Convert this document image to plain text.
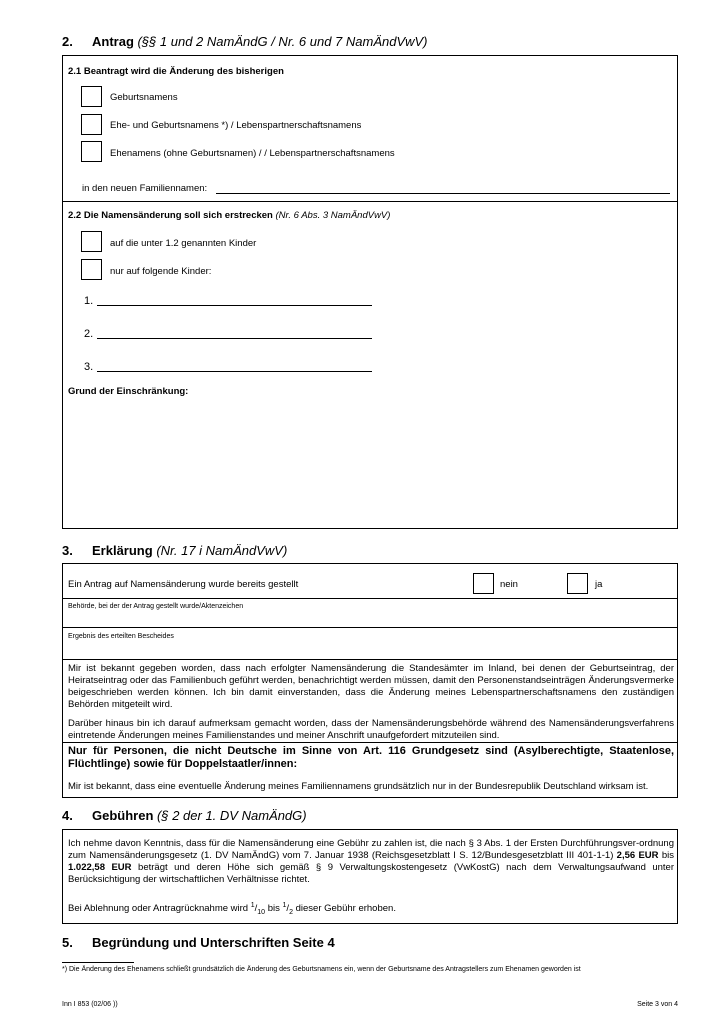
2. Antrag (§§ 1 und 2 NamÄndG / Nr. 6 und 7 NamÄndVwV)
2.1 Beantragt wird die Änderung des bisherigen
Geburtsnamens
Ehe- und Geburtsnamens *) / Lebenspartnerschaftsnamens
Ehenamens (ohne Geburtsnamen) / / Lebenspartnerschaftsnamens
in den neuen Familiennamen:
2.2 Die Namensänderung soll sich erstrecken (Nr. 6 Abs. 3 NamÄndVwV)
auf die unter 1.2 genannten Kinder
nur auf folgende Kinder:
1.
2.
3.
Grund der Einschränkung:
3. Erklärung (Nr. 17 i NamÄndVwV)
Ein Antrag auf Namensänderung wurde bereits gestellt	nein	ja
Behörde, bei der der Antrag gestellt wurde/Aktenzeichen
Ergebnis des erteilten Bescheides
Mir ist bekannt gegeben worden, dass nach erfolgter Namensänderung die Standesämter im Inland, bei denen der Geburtseintrag, der Heiratseintrag oder das Familienbuch geführt werden, benachrichtigt werden müssen, damit den Personenstandseinträgen Änderungsvermerke beigeschrieben werden können. Ich bin damit einverstanden, dass die Änderung meines Lebenspartnerschaftsnamens den zuständigen Behörden mitgeteilt wird.
Darüber hinaus bin ich darauf aufmerksam gemacht worden, dass der Namensänderungsbehörde während des Namensänderungsverfahrens eintretende Änderungen meines Familienstandes und meiner Anschrift unaufgefordert mitzuteilen sind.
Nur für Personen, die nicht Deutsche im Sinne von Art. 116 Grundgesetz sind (Asylberechtigte, Staatenlose, Flüchtlinge) sowie für Doppelstaatler/innen:
Mir ist bekannt, dass eine eventuelle Änderung meines Familiennamens grundsätzlich nur in der Bundesrepublik Deutschland wirksam ist.
4. Gebühren (§ 2 der 1. DV NamÄndG)
Ich nehme davon Kenntnis, dass für die Namensänderung eine Gebühr zu zahlen ist, die nach § 3 Abs. 1 der Ersten Durchführungsver-ordnung zum Namensänderungsgesetz (1. DV NamÄndG) vom 7. Januar 1938 (Reichsgesetzblatt I S. 12/Bundesgesetzblatt III 401-1-1) 2,56 EUR bis 1.022,58 EUR beträgt und deren Höhe sich gemäß § 9 Verwaltungskostengesetz (VwKostG) nach dem Verwaltungsaufwand unter Berücksichtigung der wirtschaftlichen Verhältnisse richtet.
Bei Ablehnung oder Antragrücknahme wird $^1/_{10}$ bis $^1/_2$ dieser Gebühr erhoben.
5. Begründung und Unterschriften Seite 4
*) Die Änderung des Ehenamens schließt grundsätzlich die Änderung des Geburtsnamens ein, wenn der Geburtsname des Antragstellers zum Ehenamen geworden ist
Inn I 853 (02/06 ))	Seite 3 von 4
